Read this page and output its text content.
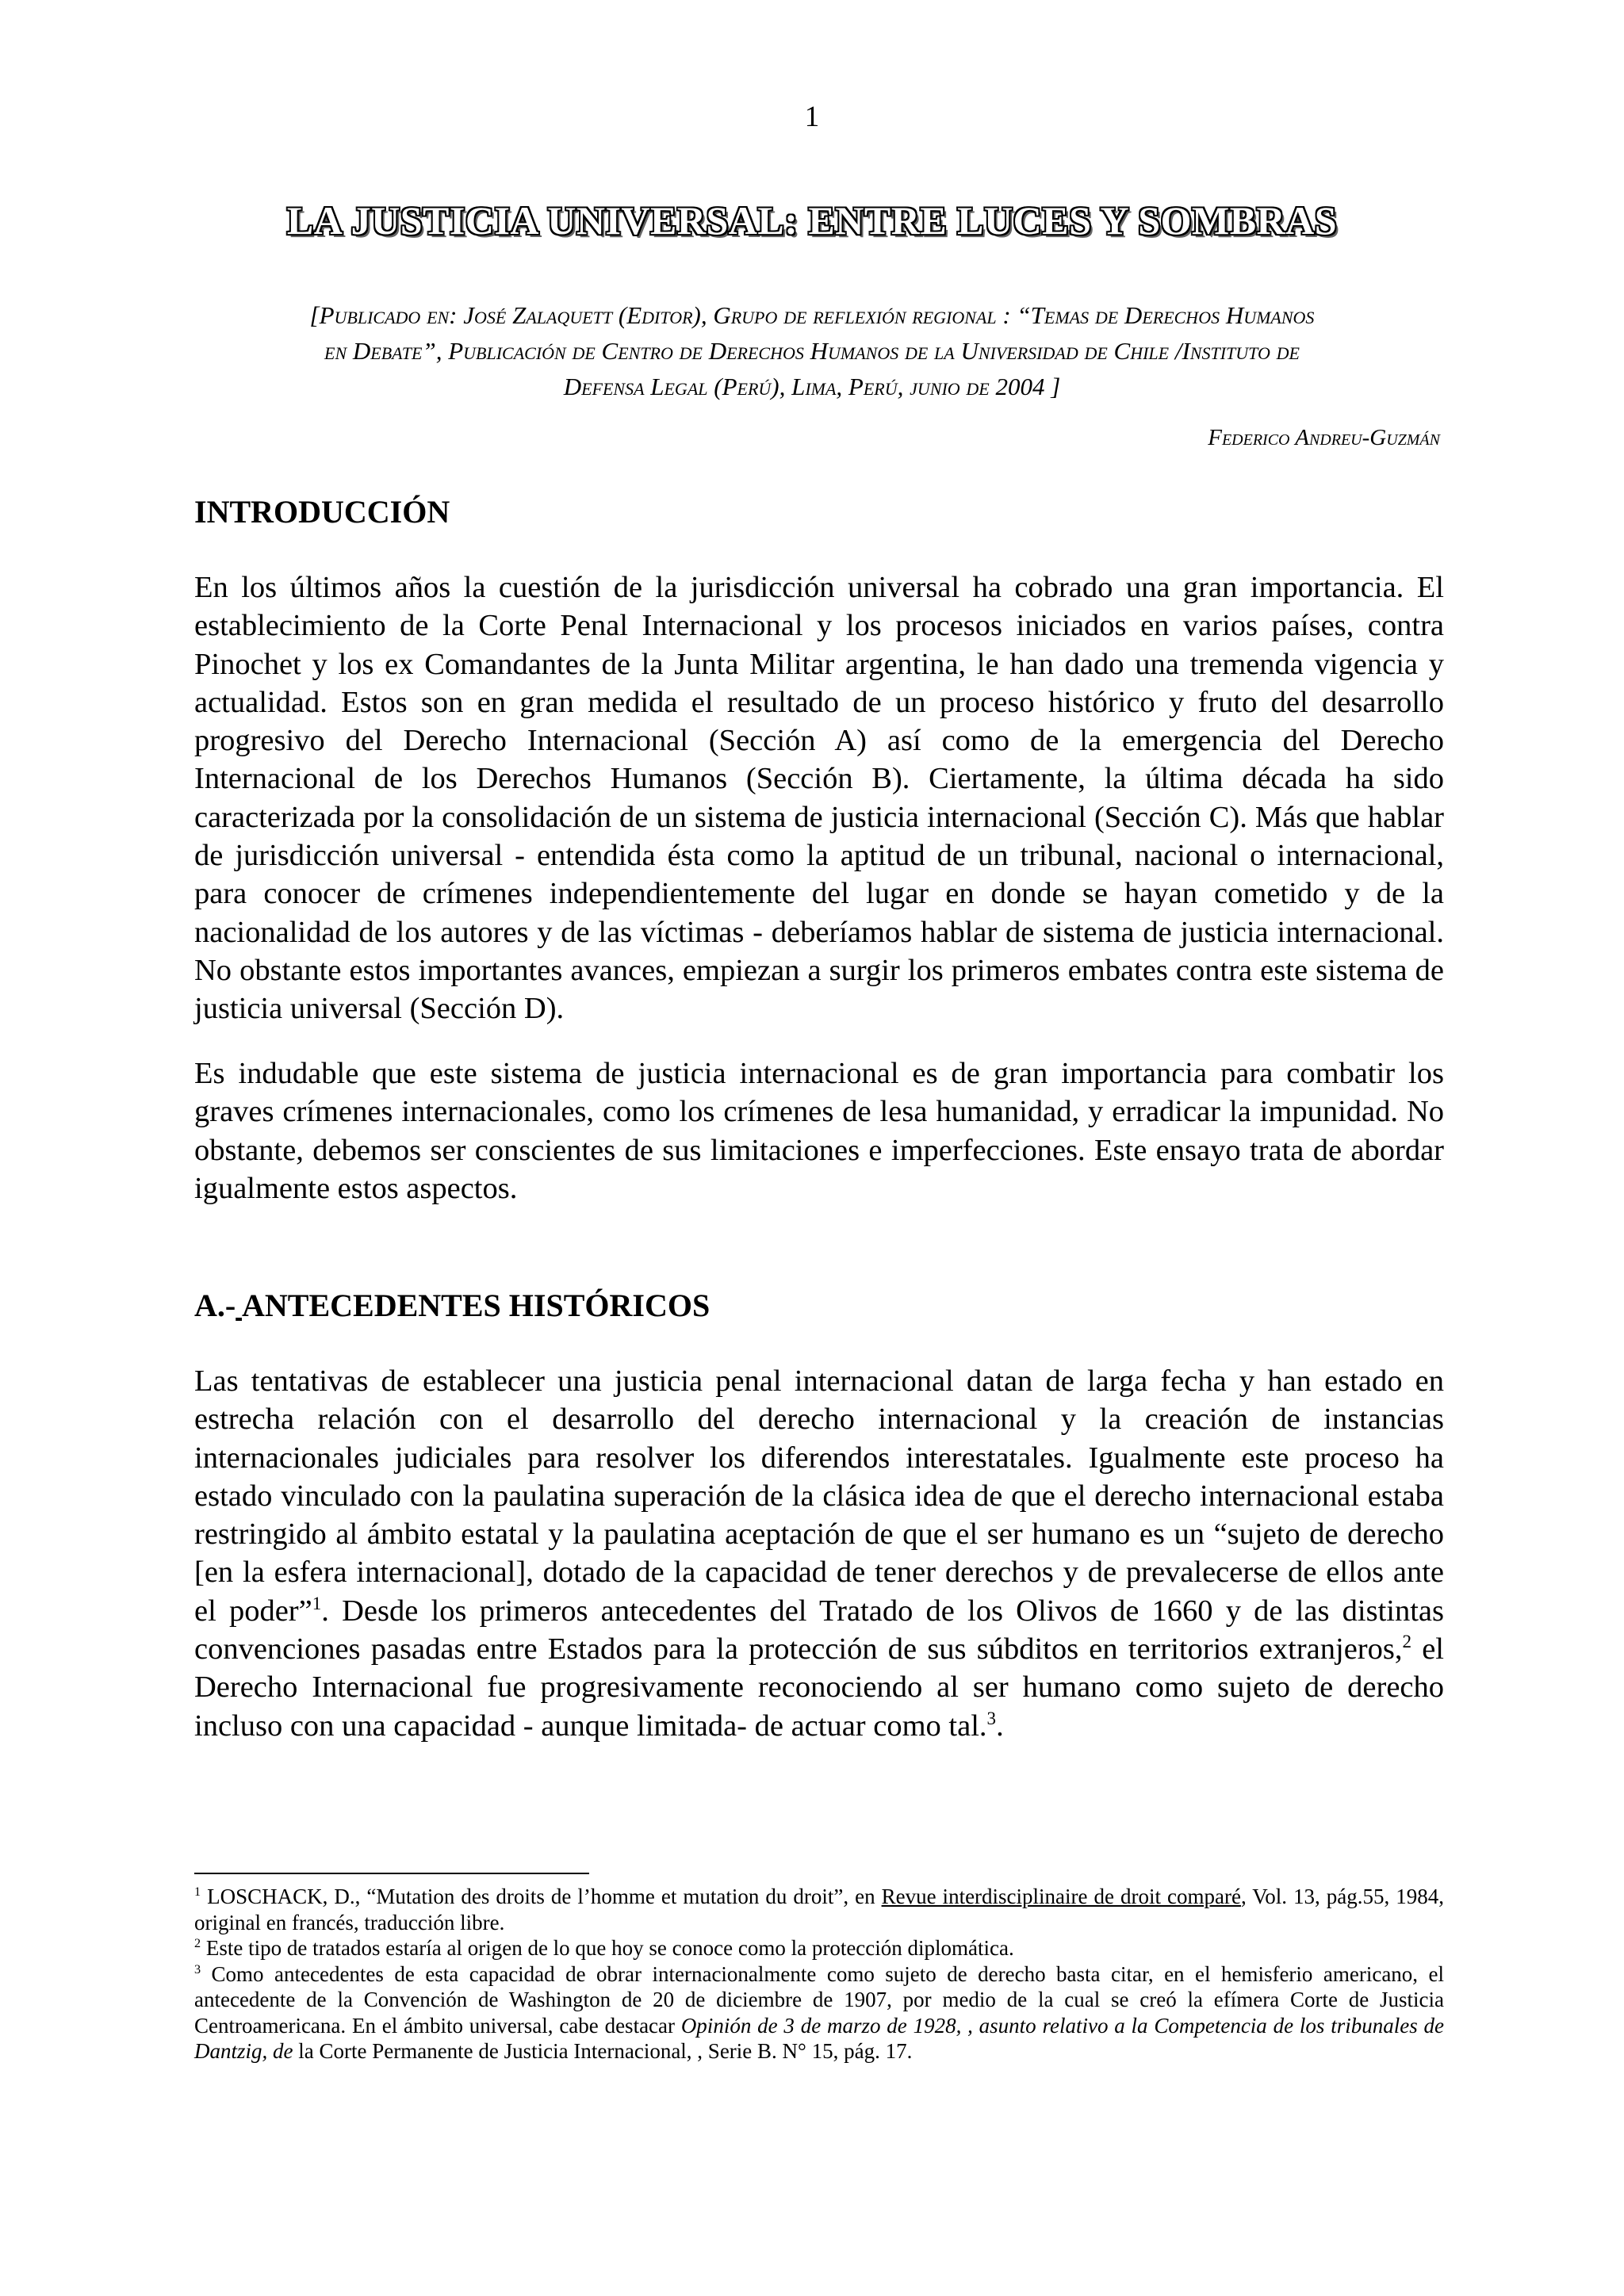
1
LA JUSTICIA UNIVERSAL: ENTRE LUCES Y SOMBRAS
[Publicado en: José Zalaquett (Editor), Grupo de reflexión regional : “Temas de Derechos Humanos
en Debate”, Publicación de Centro de Derechos Humanos de la Universidad de Chile /Instituto de
Defensa Legal (Perú), Lima, Perú, junio de 2004 ]
Federico Andreu-Guzmán
INTRODUCCIÓN

En los últimos años la cuestión de la jurisdicción universal ha cobrado una gran importancia. El establecimiento de la Corte Penal Internacional y los procesos iniciados en varios países, contra Pinochet y los ex Comandantes de la Junta Militar argentina, le han dado una tremenda vigencia y actualidad. Estos son en gran medida el resultado de un proceso histórico y fruto del desarrollo progresivo del Derecho Internacional (Sección A) así como de la emergencia del Derecho Internacional de los Derechos Humanos (Sección B). Ciertamente, la última década ha sido caracterizada por la consolidación de un sistema de justicia internacional (Sección C). Más que hablar de jurisdicción universal - entendida ésta como la aptitud de un tribunal, nacional o internacional, para conocer de crímenes independientemente del lugar en donde se hayan cometido y de la nacionalidad de los autores y de las víctimas - deberíamos hablar de sistema de justicia internacional. No obstante estos importantes avances, empiezan a surgir los primeros embates contra este sistema de justicia universal (Sección D).

Es indudable que este sistema de justicia internacional es de gran importancia para combatir los graves crímenes internacionales, como los crímenes de lesa humanidad, y erradicar la impunidad. No obstante, debemos ser conscientes de sus limitaciones e imperfecciones. Este ensayo trata de abordar igualmente estos aspectos.

A.- ANTECEDENTES HISTÓRICOS

Las tentativas de establecer una justicia penal internacional datan de larga fecha y han estado en estrecha relación con el desarrollo del derecho internacional y la creación de instancias internacionales judiciales para resolver los diferendos interestatales. Igualmente este proceso ha estado vinculado con la paulatina superación de la clásica idea de que el derecho internacional estaba restringido al ámbito estatal y la paulatina aceptación de que el ser humano es un “sujeto de derecho [en la esfera internacional], dotado de la capacidad de tener derechos y de prevalecerse de ellos ante el poder”$^1$. Desde los primeros antecedentes del Tratado de los Olivos de 1660 y de las distintas convenciones pasadas entre Estados para la protección de sus súbditos en territorios extranjeros,$^2$ el Derecho Internacional fue progresivamente reconociendo al ser humano como sujeto de derecho incluso con una capacidad - aunque limitada- de actuar como tal.$^3$.

$^1$ LOSCHACK, D., “Mutation des droits de l’homme et mutation du droit”, en Revue interdisciplinaire de droit comparé, Vol. 13, pág.55, 1984, original en francés, traducción libre.

$^2$ Este tipo de tratados estaría al origen de lo que hoy se conoce como la protección diplomática.

$^3$ Como antecedentes de esta capacidad de obrar internacionalmente como sujeto de derecho basta citar, en el hemisferio americano, el antecedente de la Convención de Washington de 20 de diciembre de 1907, por medio de la cual se creó la efímera Corte de Justicia Centroamericana. En el ámbito universal, cabe destacar Opinión de 3 de marzo de 1928, , asunto relativo a la Competencia de los tribunales de Dantzig, de la Corte Permanente de Justicia Internacional, , Serie B. N° 15, pág. 17.
